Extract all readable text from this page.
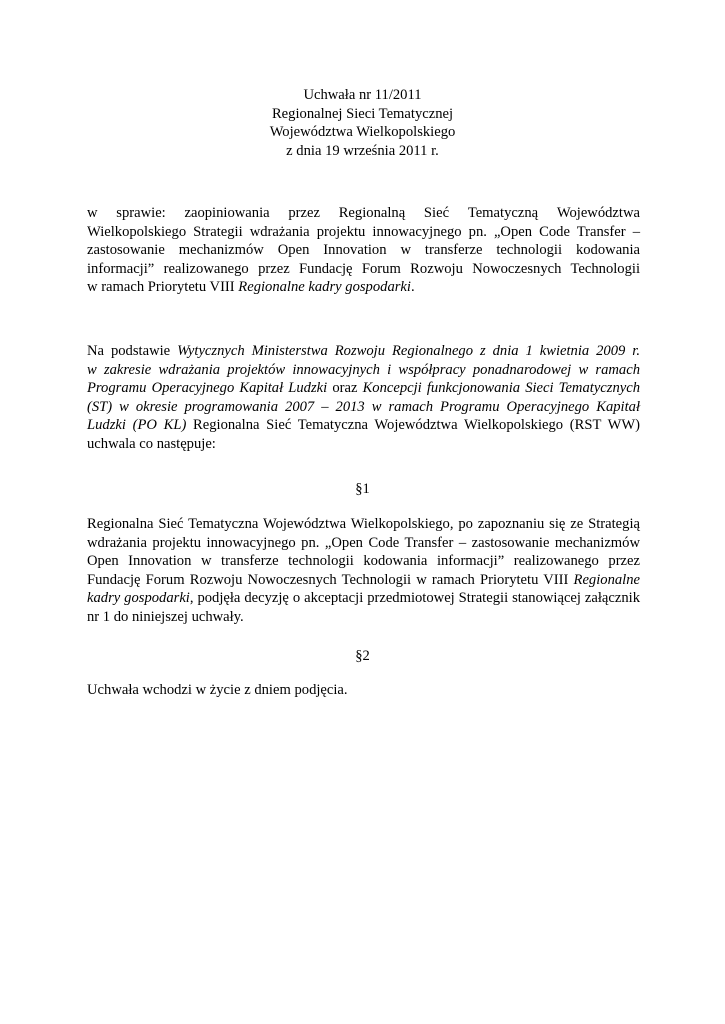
Uchwała nr 11/2011
Regionalnej Sieci Tematycznej
Województwa Wielkopolskiego
z dnia 19 września 2011 r.
w sprawie: zaopiniowania przez Regionalną Sieć Tematyczną Województwa
Wielkopolskiego Strategii wdrażania projektu innowacyjnego pn. „Open Code Transfer –
zastosowanie mechanizmów Open Innovation w transferze technologii kodowania
informacji” realizowanego przez Fundację Forum Rozwoju Nowoczesnych Technologii
w ramach Priorytetu VIII Regionalne kadry gospodarki.
Na podstawie Wytycznych Ministerstwa Rozwoju Regionalnego z dnia 1 kwietnia 2009 r.
w zakresie wdrażania projektów innowacyjnych i współpracy ponadnarodowej w ramach
Programu Operacyjnego Kapitał Ludzki oraz Koncepcji funkcjonowania Sieci Tematycznych
(ST) w okresie programowania 2007 – 2013 w ramach Programu Operacyjnego Kapitał
Ludzki (PO KL) Regionalna Sieć Tematyczna Województwa Wielkopolskiego (RST WW)
uchwala co następuje:
§1
Regionalna Sieć Tematyczna Województwa Wielkopolskiego, po zapoznaniu się ze Strategią
wdrażania projektu innowacyjnego pn. „Open Code Transfer – zastosowanie mechanizmów
Open Innovation w transferze technologii kodowania informacji” realizowanego przez
Fundację Forum Rozwoju Nowoczesnych Technologii w ramach Priorytetu VIII Regionalne
kadry gospodarki, podjęła decyzję o akceptacji przedmiotowej Strategii stanowiącej załącznik
nr 1 do niniejszej uchwały.
§2
Uchwała wchodzi w życie z dniem podjęcia.
